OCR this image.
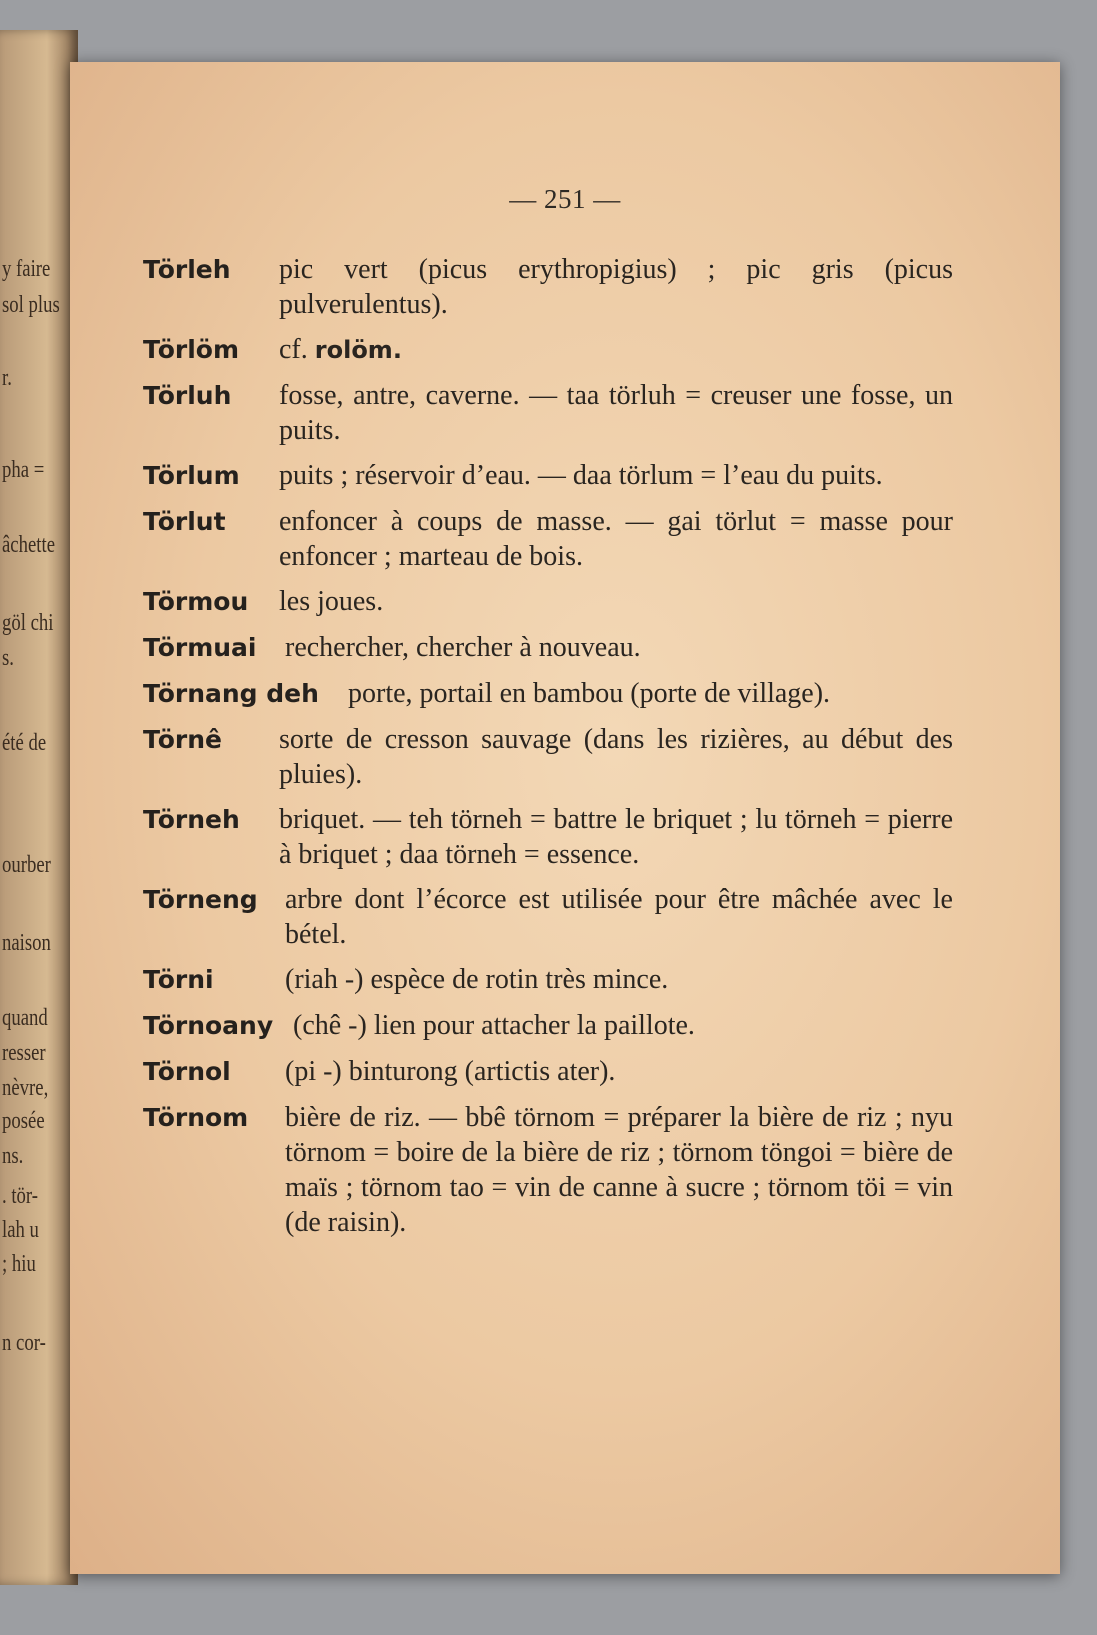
y faire
sol plus
r.
pha =
âchette
göl chi
s.
été de
ourber
naison
quand
resser
nèvre,
posée
ns.
. tör-
lah u
; hiu
n cor-
— 251 —
Törleh	pic vert (picus erythropigius) ; pic gris (picus pulverulentus).
Törlöm	cf. rolöm.
Törluh	fosse, antre, caverne. — taa törluh = creuser une fosse, un puits.
Törlum	puits ; réservoir d’eau. — daa törlum = l’eau du puits.
Törlut	enfoncer à coups de masse. — gai törlut = masse pour enfoncer ; marteau de bois.
Törmou	les joues.
Törmuai	rechercher, chercher à nouveau.
Törnang deh	porte, portail en bambou (porte de village).
Törnê	sorte de cresson sauvage (dans les rizières, au début des pluies).
Törneh	briquet. — teh törneh = battre le briquet ; lu törneh = pierre à briquet ; daa törneh = essence.
Törneng arbre dont l’écorce est utilisée pour être mâchée avec le bétel.
Törni	(riah -) espèce de rotin très mince.
Törnoany (chê -) lien pour attacher la paillote.
Törnol	(pi -) binturong (artictis ater).
Törnom	bière de riz. — bbê törnom = préparer la bière de riz ; nyu törnom = boire de la bière de riz ; törnom töngoi = bière de maïs ; törnom tao = vin de canne à sucre ; törnom töi = vin (de raisin).
